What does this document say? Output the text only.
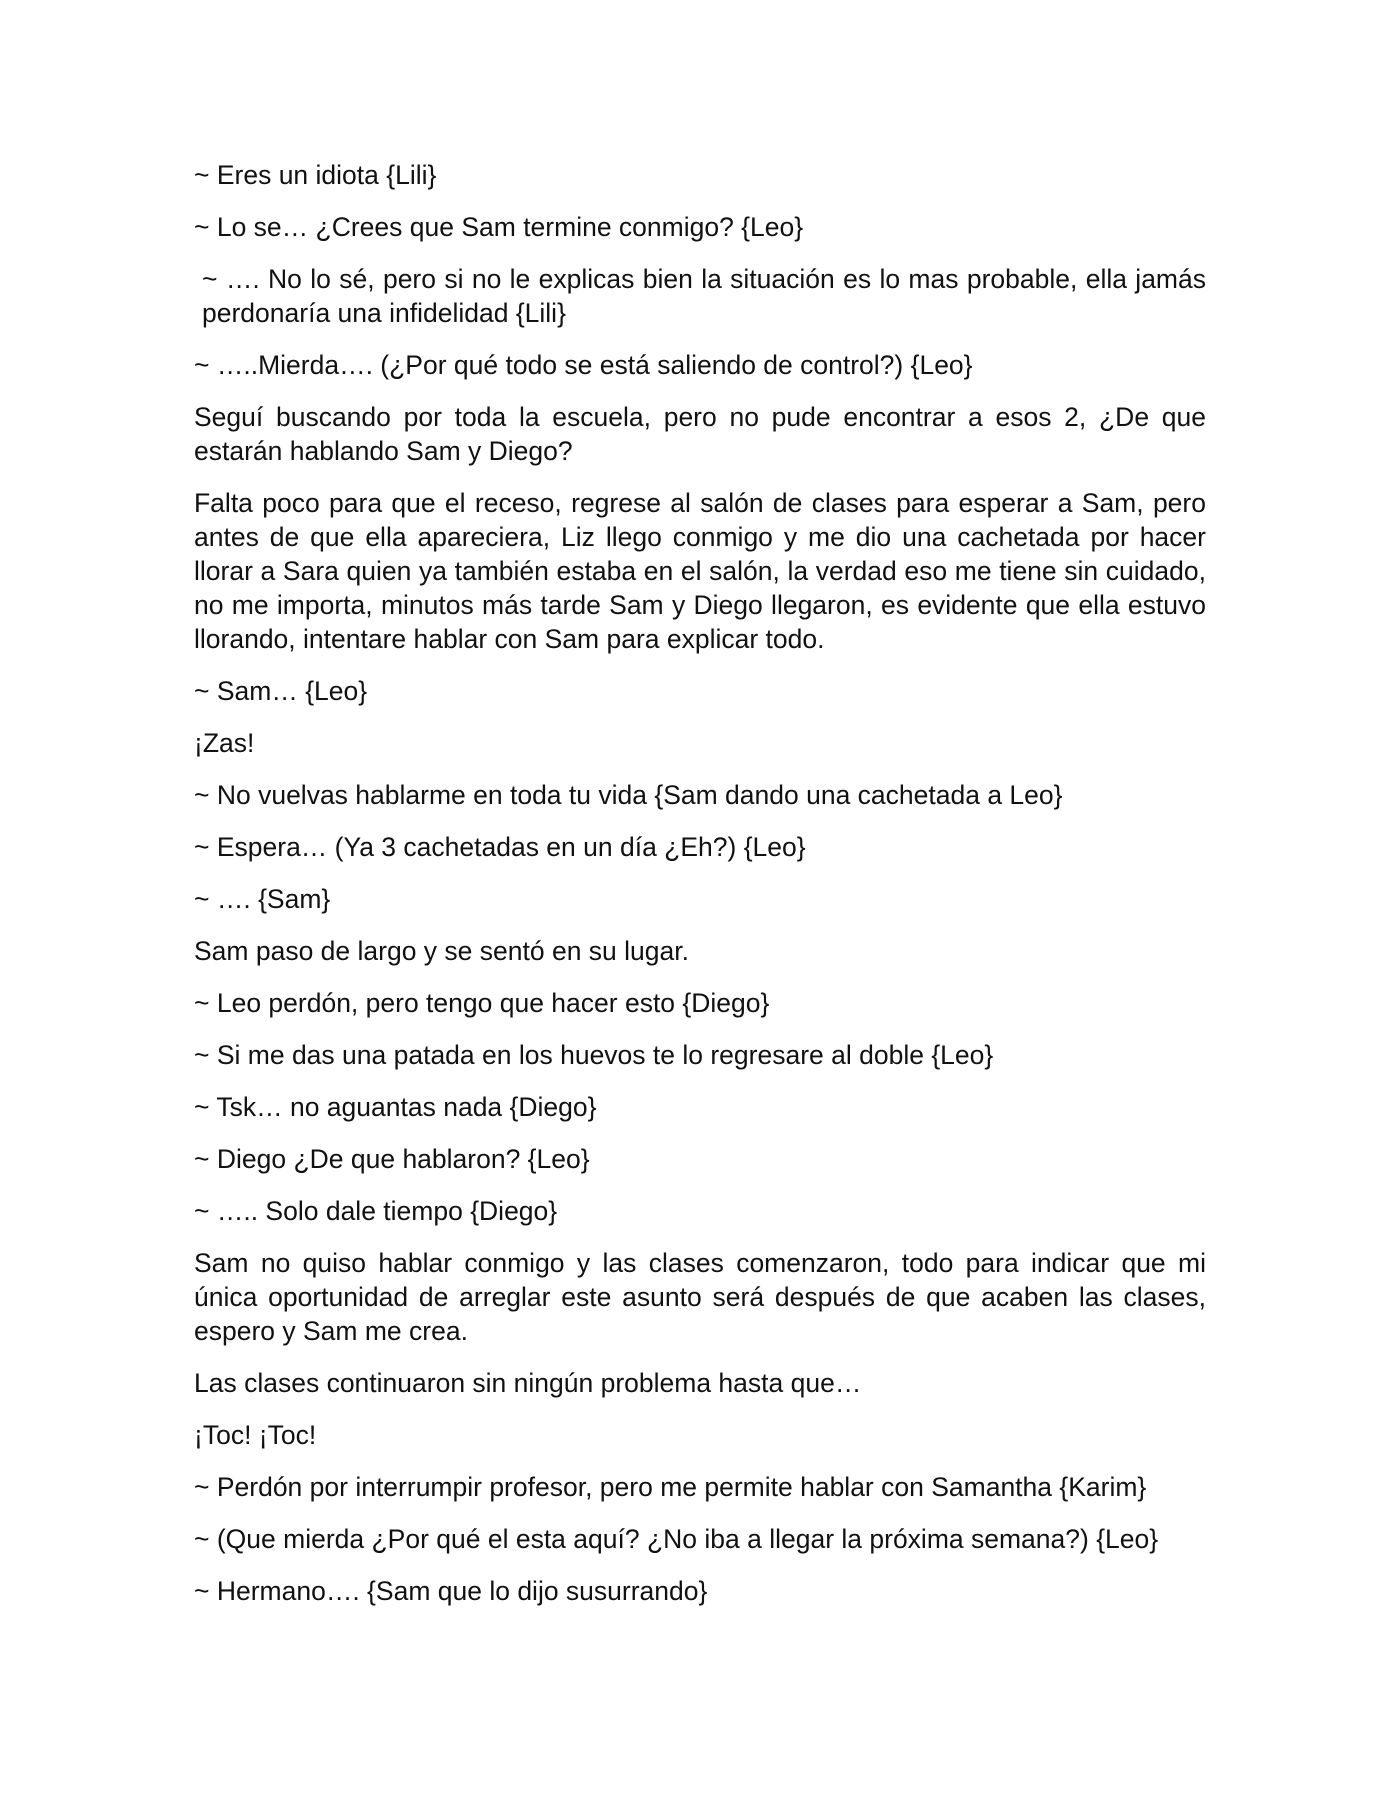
~ Eres un idiota {Lili}

~ Lo se… ¿Crees que Sam termine conmigo? {Leo}

~ …. No lo sé, pero si no le explicas bien la situación es lo mas probable, ella jamás perdonaría una infidelidad {Lili}

~ …..Mierda…. (¿Por qué todo se está saliendo de control?) {Leo}

Seguí buscando por toda la escuela, pero no pude encontrar a esos 2, ¿De que estarán hablando Sam y Diego?

Falta poco para que el receso, regrese al salón de clases para esperar a Sam, pero antes de que ella apareciera, Liz llego conmigo y me dio una cachetada por hacer llorar a Sara quien ya también estaba en el salón, la verdad eso me tiene sin cuidado, no me importa, minutos más tarde Sam y Diego llegaron, es evidente que ella estuvo llorando, intentare hablar con Sam para explicar todo.

~ Sam… {Leo}

¡Zas!

~ No vuelvas hablarme en toda tu vida {Sam dando una cachetada a Leo}

~ Espera… (Ya 3 cachetadas en un día ¿Eh?) {Leo}

~ …. {Sam}

Sam paso de largo y se sentó en su lugar.

~ Leo perdón, pero tengo que hacer esto {Diego}

~ Si me das una patada en los huevos te lo regresare al doble {Leo}

~ Tsk… no aguantas nada {Diego}

~ Diego ¿De que hablaron? {Leo}

~ ….. Solo dale tiempo {Diego}

Sam no quiso hablar conmigo y las clases comenzaron, todo para indicar que mi única oportunidad de arreglar este asunto será después de que acaben las clases, espero y Sam me crea.

Las clases continuaron sin ningún problema hasta que…

¡Toc! ¡Toc!

~ Perdón por interrumpir profesor, pero me permite hablar con Samantha {Karim}

~ (Que mierda ¿Por qué el esta aquí? ¿No iba a llegar la próxima semana?) {Leo}

~ Hermano…. {Sam que lo dijo susurrando}
